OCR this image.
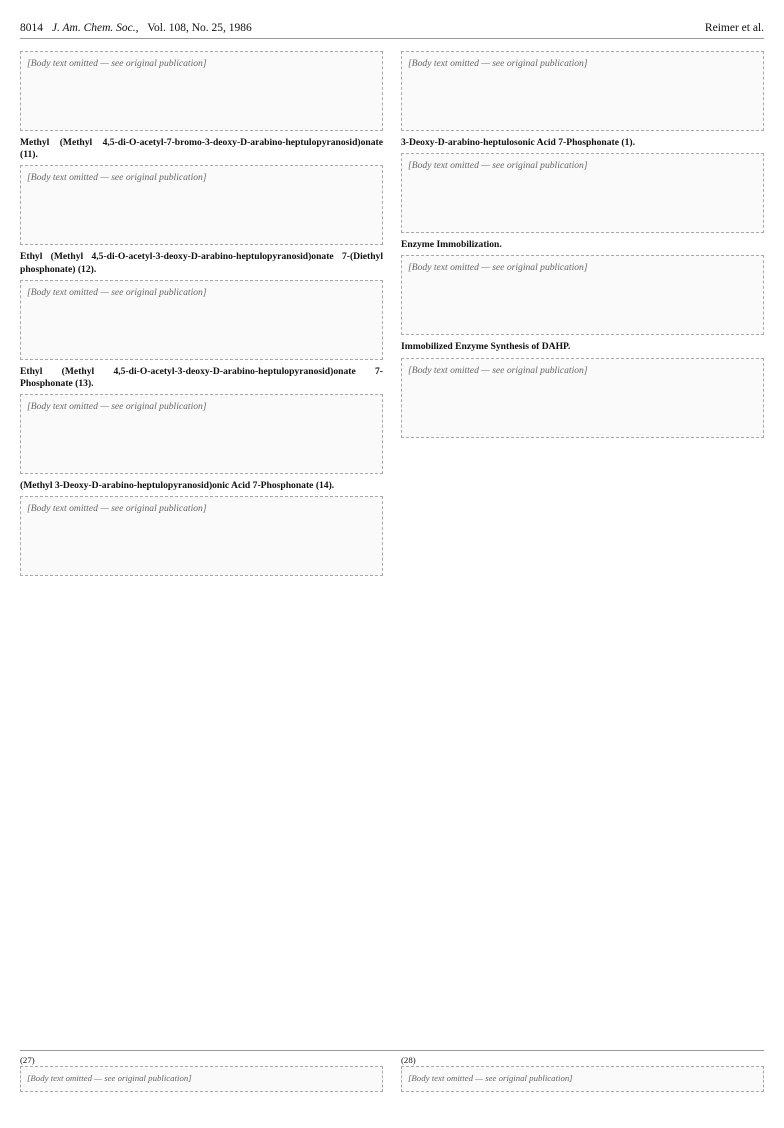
8014 J. Am. Chem. Soc., Vol. 108, No. 25, 1986	Reimer et al.
[Body text omitted — see original publication]
Methyl (Methyl 4,5-di-O-acetyl-7-bromo-3-deoxy-D-arabino-heptulopyranosid)onate (11).
[Body text omitted — see original publication]
Ethyl (Methyl 4,5-di-O-acetyl-3-deoxy-D-arabino-heptulopyranosid)onate 7-(Diethyl phosphonate) (12).
[Body text omitted — see original publication]
Ethyl (Methyl 4,5-di-O-acetyl-3-deoxy-D-arabino-heptulopyranosid)onate 7-Phosphonate (13).
[Body text omitted — see original publication]
(Methyl 3-Deoxy-D-arabino-heptulopyranosid)onic Acid 7-Phosphonate (14).
[Body text omitted — see original publication]
[Body text omitted — see original publication]
3-Deoxy-D-arabino-heptulosonic Acid 7-Phosphonate (1).
[Body text omitted — see original publication]
Enzyme Immobilization.
[Body text omitted — see original publication]
Immobilized Enzyme Synthesis of DAHP.
[Body text omitted — see original publication]
(27)
[Body text omitted — see original publication]
(28)
[Body text omitted — see original publication]
